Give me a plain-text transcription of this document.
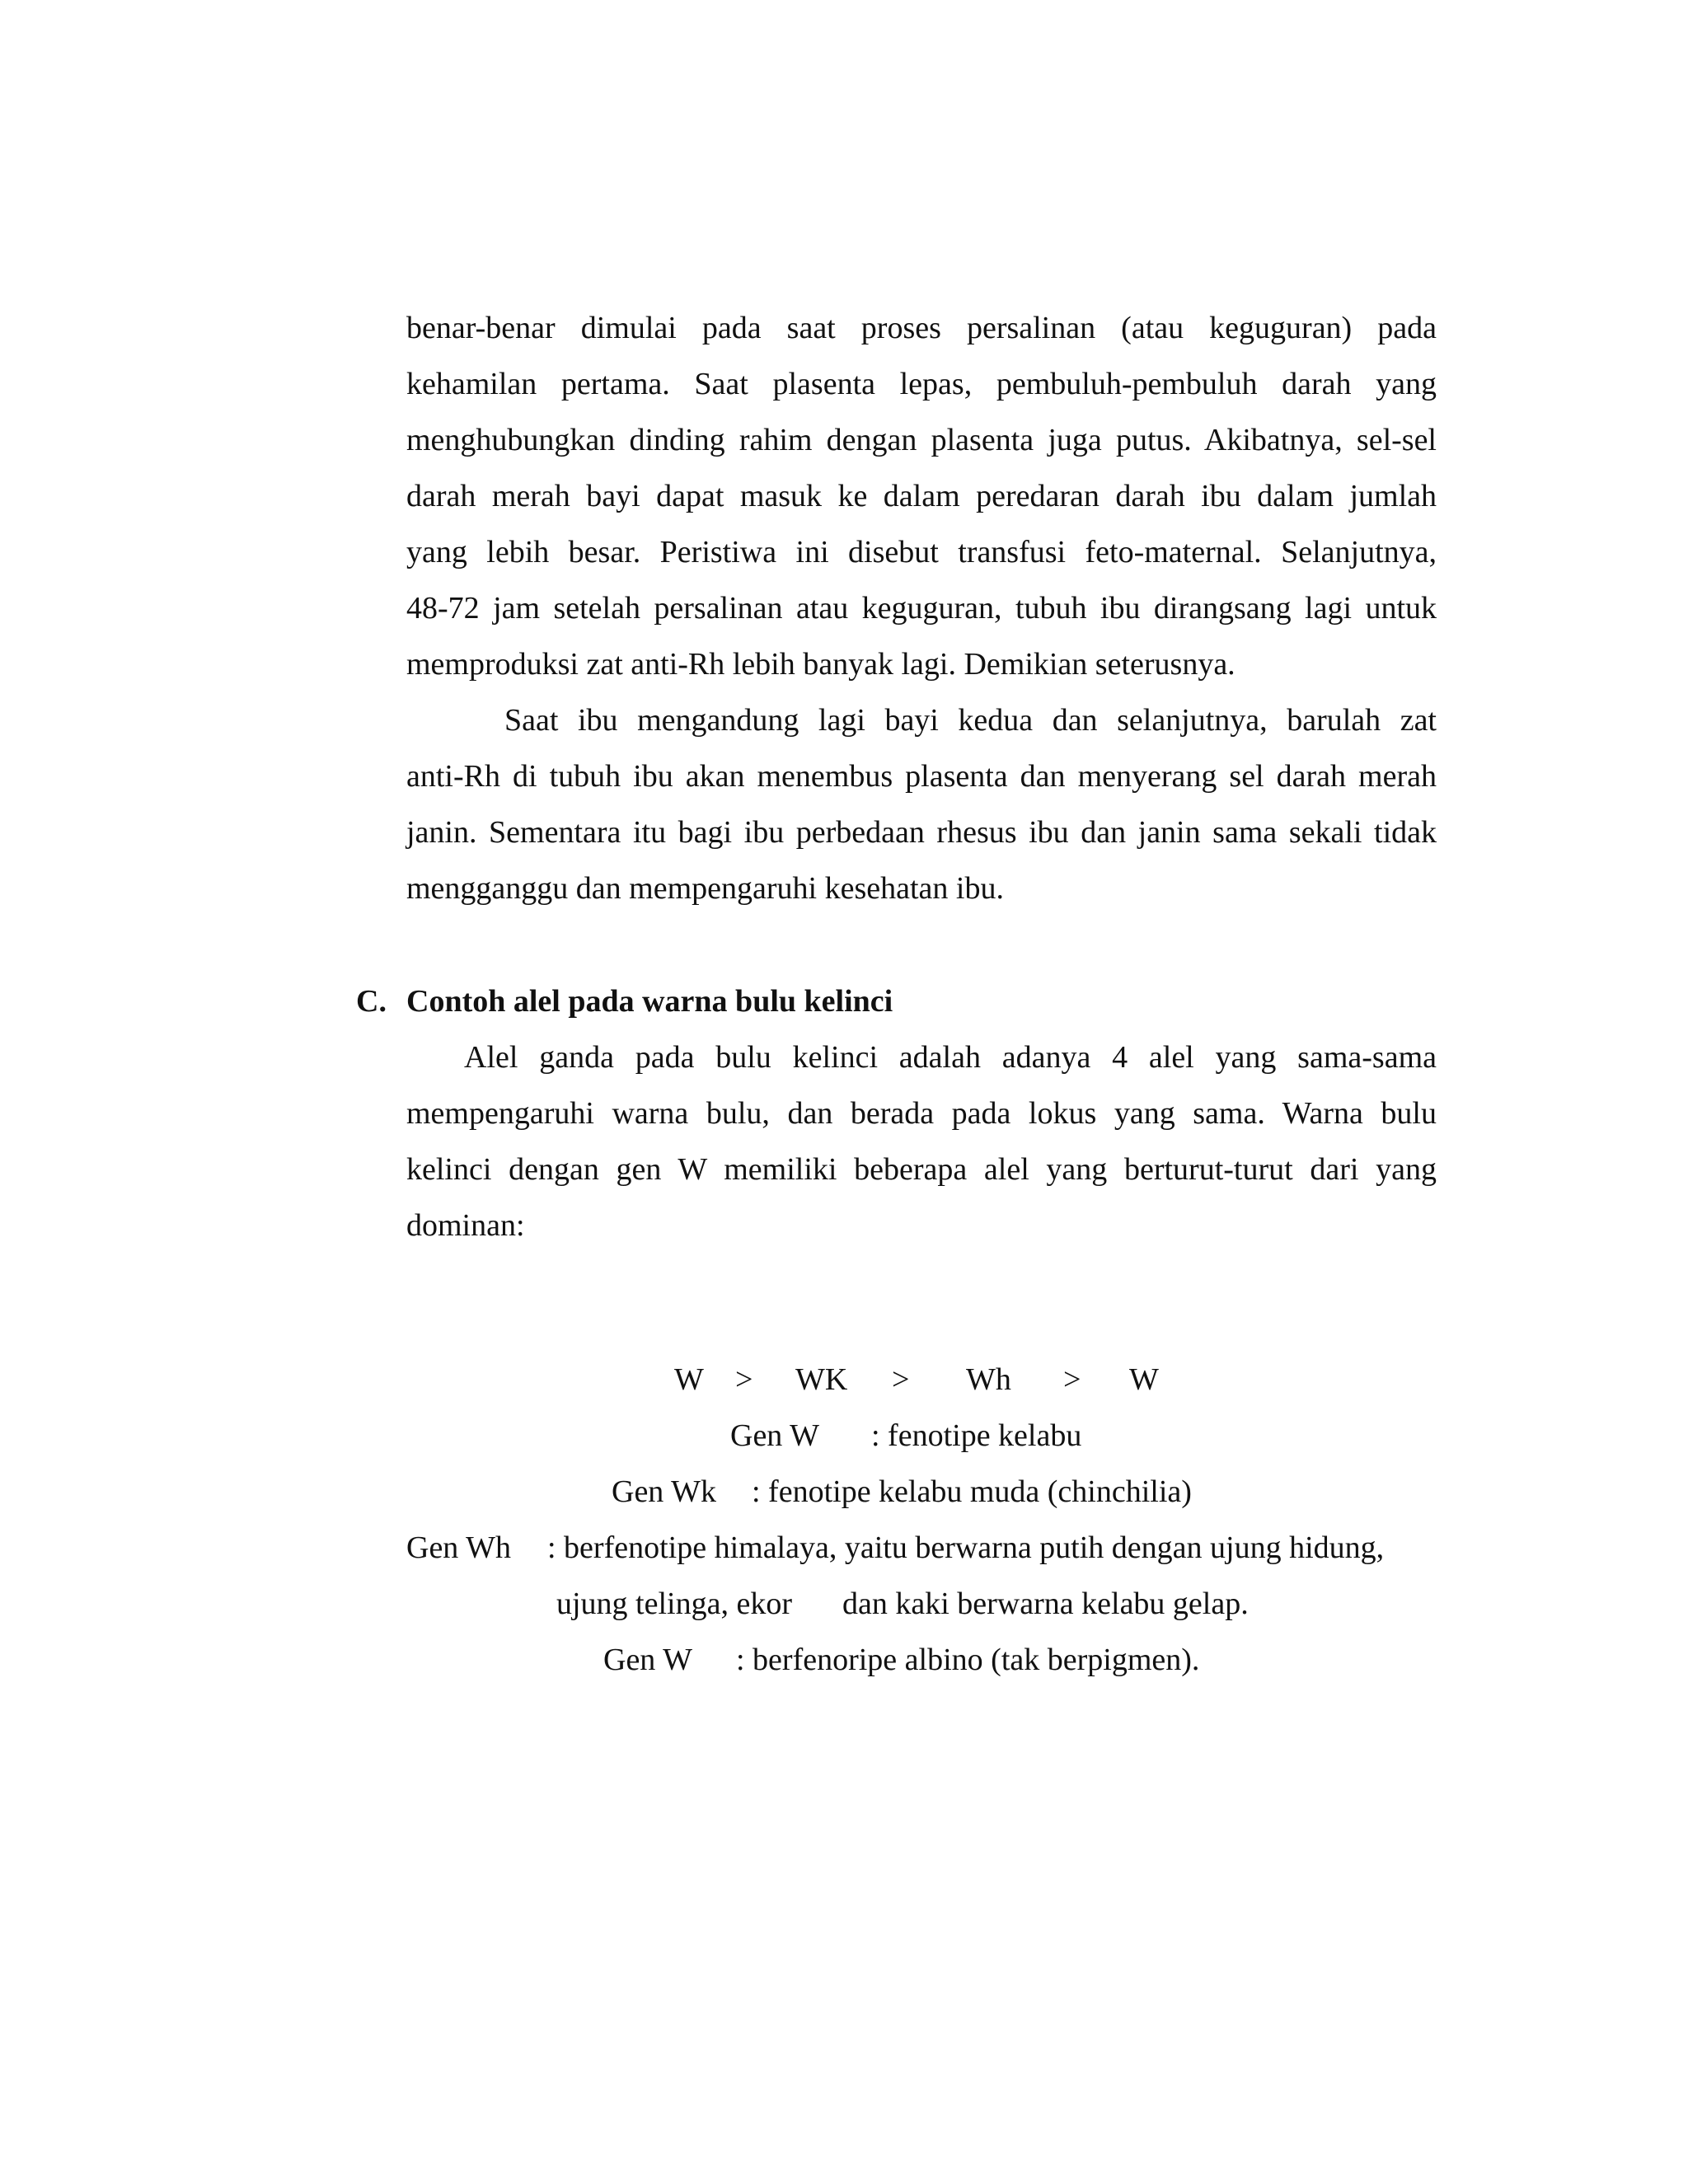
benar-benar dimulai pada saat proses persalinan (atau keguguran) pada
kehamilan pertama. Saat plasenta lepas, pembuluh-pembuluh darah yang
menghubungkan dinding rahim dengan plasenta juga putus. Akibatnya, sel-sel
darah merah bayi dapat masuk ke dalam peredaran darah ibu dalam jumlah
yang lebih besar. Peristiwa ini disebut transfusi feto-maternal. Selanjutnya,
48-72 jam setelah persalinan atau keguguran, tubuh ibu dirangsang lagi untuk
memproduksi zat anti-Rh lebih banyak lagi. Demikian seterusnya.
Saat ibu mengandung lagi bayi kedua dan selanjutnya, barulah zat
anti-Rh di tubuh ibu akan menembus plasenta dan menyerang sel darah merah
janin. Sementara itu bagi ibu perbedaan rhesus ibu dan janin sama sekali tidak
mengganggu dan mempengaruhi kesehatan ibu.
C. Contoh alel pada warna bulu kelinci
Alel ganda pada bulu kelinci adalah adanya 4 alel yang sama-sama
mempengaruhi warna bulu, dan berada pada lokus yang sama. Warna bulu
kelinci dengan gen W memiliki beberapa alel yang berturut-turut dari yang
dominan:
W > WK > Wh > W
Gen W : fenotipe kelabu
Gen Wk : fenotipe kelabu muda (chinchilia)
Gen Wh : berfenotipe himalaya, yaitu berwarna putih dengan ujung hidung,
ujung telinga, ekor dan kaki berwarna kelabu gelap.
Gen W : berfenoripe albino (tak berpigmen).
